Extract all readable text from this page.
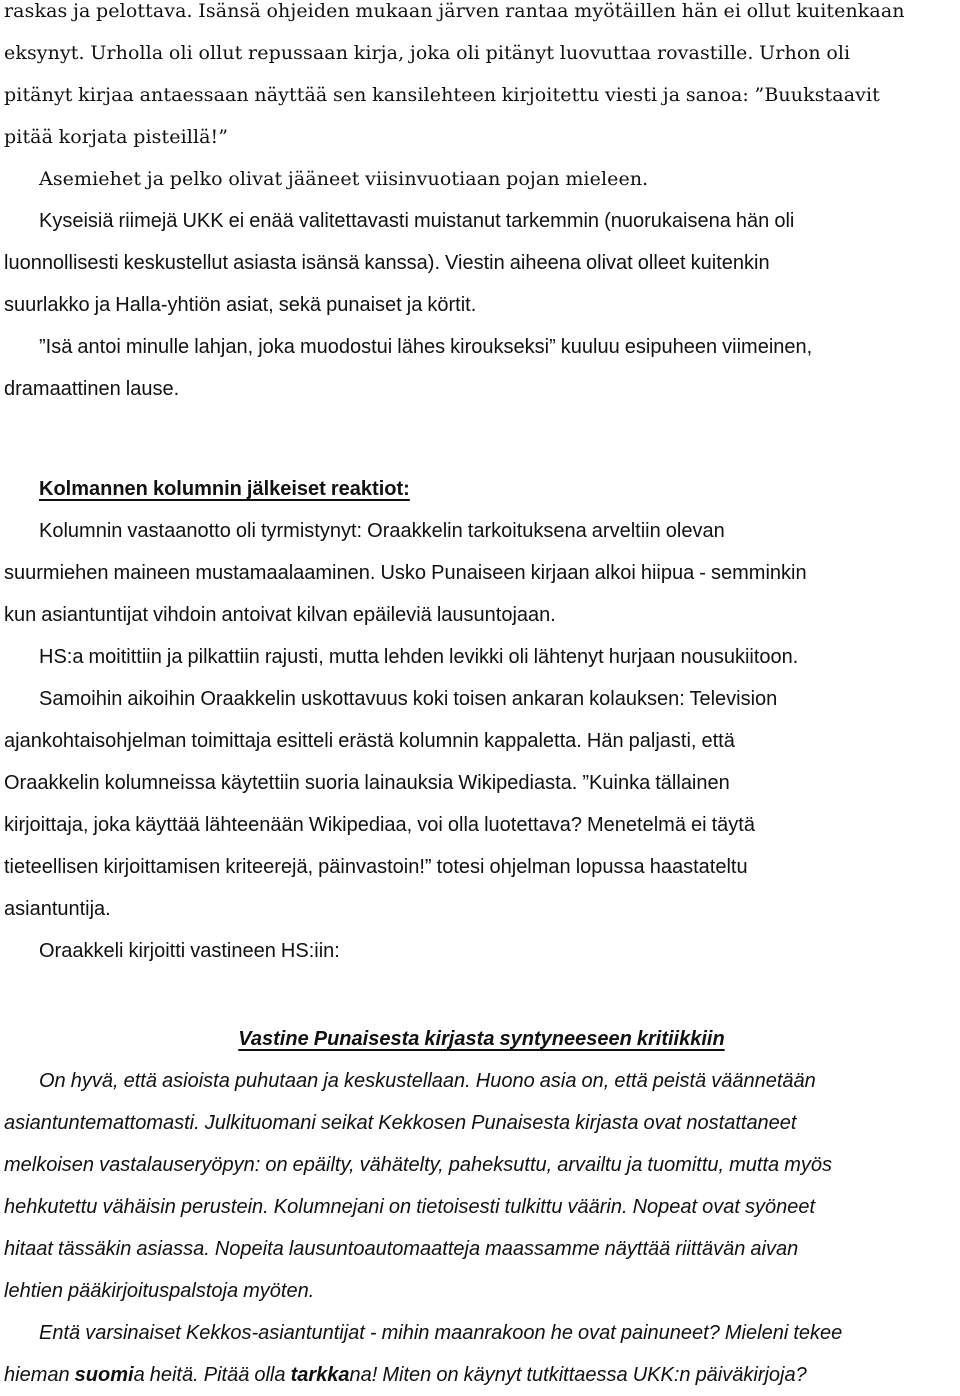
raskas ja pelottava. Isänsä ohjeiden mukaan järven rantaa myötäillen hän ei ollut kuitenkaan
eksynyt. Urholla oli ollut repussaan kirja, joka oli pitänyt luovuttaa rovastille. Urhon oli
pitänyt kirjaa antaessaan näyttää sen kansilehteen kirjoitettu viesti ja sanoa: ”Buukstaavit
pitää korjata pisteillä!”
Asemiehet ja pelko olivat jääneet viisinvuotiaan pojan mieleen.
Kyseisiä riimejä UKK ei enää valitettavasti muistanut tarkemmin (nuorukaisena hän oli
luonnollisesti keskustellut asiasta isänsä kanssa). Viestin aiheena olivat olleet kuitenkin
suurlakko ja Halla-yhtiön asiat, sekä punaiset ja körtit.
”Isä antoi minulle lahjan, joka muodostui lähes kiroukseksi” kuuluu esipuheen viimeinen,
dramaattinen lause.
Kolmannen kolumnin jälkeiset reaktiot:
Kolumnin vastaanotto oli tyrmistynyt: Oraakkelin tarkoituksena arveltiin olevan
suurmiehen maineen mustamaalaaminen. Usko Punaiseen kirjaan alkoi hiipua - semminkin
kun asiantuntijat vihdoin antoivat kilvan epäileviä lausuntojaan.
HS:a moitittiin ja pilkattiin rajusti, mutta lehden levikki oli lähtenyt hurjaan nousukiitoon.
Samoihin aikoihin Oraakkelin uskottavuus koki toisen ankaran kolauksen: Television
ajankohtaisohjelman toimittaja esitteli erästä kolumnin kappaletta. Hän paljasti, että
Oraakkelin kolumneissa käytettiin suoria lainauksia Wikipediasta. ”Kuinka tällainen
kirjoittaja, joka käyttää lähteenään Wikipediaa, voi olla luotettava? Menetelmä ei täytä
tieteellisen kirjoittamisen kriteerejä, päinvastoin!” totesi ohjelman lopussa haastateltu
asiantuntija.
Oraakkeli kirjoitti vastineen HS:iin:
Vastine Punaisesta kirjasta syntyneeseen kritiikkiin
On hyvä, että asioista puhutaan ja keskustellaan. Huono asia on, että peistä väännetään
asiantuntemattomasti. Julkituomani seikat Kekkosen Punaisesta kirjasta ovat nostattaneet
melkoisen vastalauseryöpyn: on epäilty, vähätelty, paheksuttu, arvailtu ja tuomittu, mutta myös
hehkutettu vähäisin perustein. Kolumnejani on tietoisesti tulkittu väärin. Nopeat ovat syöneet
hitaat tässäkin asiassa. Nopeita lausuntoautomaatteja maassamme näyttää riittävän aivan
lehtien pääkirjoituspalstoja myöten.
Entä varsinaiset Kekkos-asiantuntijat - mihin maanrakoon he ovat painuneet? Mieleni tekee
hieman suomia heitä. Pitää olla tarkkana! Miten on käynyt tutkittaessa UKK:n päiväkirjoja?
